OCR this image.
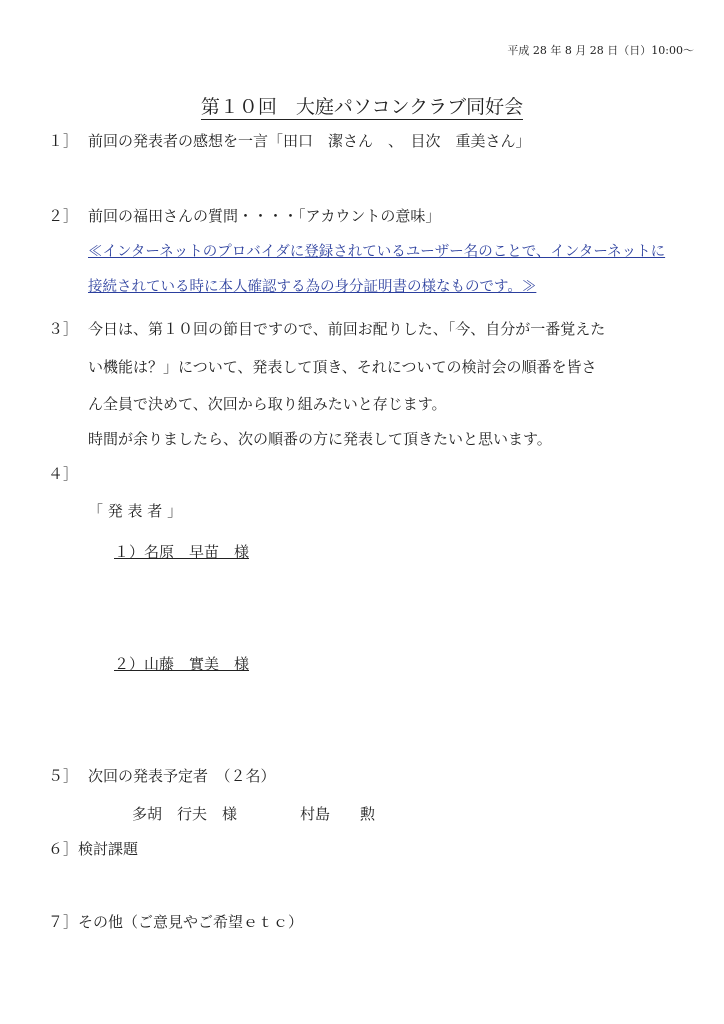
平成 28 年 8 月 28 日（日）10:00～
第１０回　大庭パソコンクラブ同好会
１］ 前回の発表者の感想を一言「田口　潔さん　、　目次　重美さん」
２］ 前回の福田さんの質問・・・・「アカウントの意味」
≪インターネットのプロバイダに登録されているユーザー名のことで、インターネットに
接続されている時に本人確認する為の身分証明書の様なものです。≫
３］ 今日は、第１０回の節目ですので、前回お配りした、「今、自分が一番覚えた
い機能は？」について、発表して頂き、それについての検討会の順番を皆さ
ん全員で決めて、次回から取り組みたいと存じます。
時間が余りましたら、次の順番の方に発表して頂きたいと思います。
４］
「 発 表 者 」
１）名原　早苗　様
２）山藤　實美　様
５］ 次回の発表予定者　（２名）
多胡　行夫　様	村島　　勲
６］ 検討課題
７］ その他（ご意見やご希望ｅｔｃ）
